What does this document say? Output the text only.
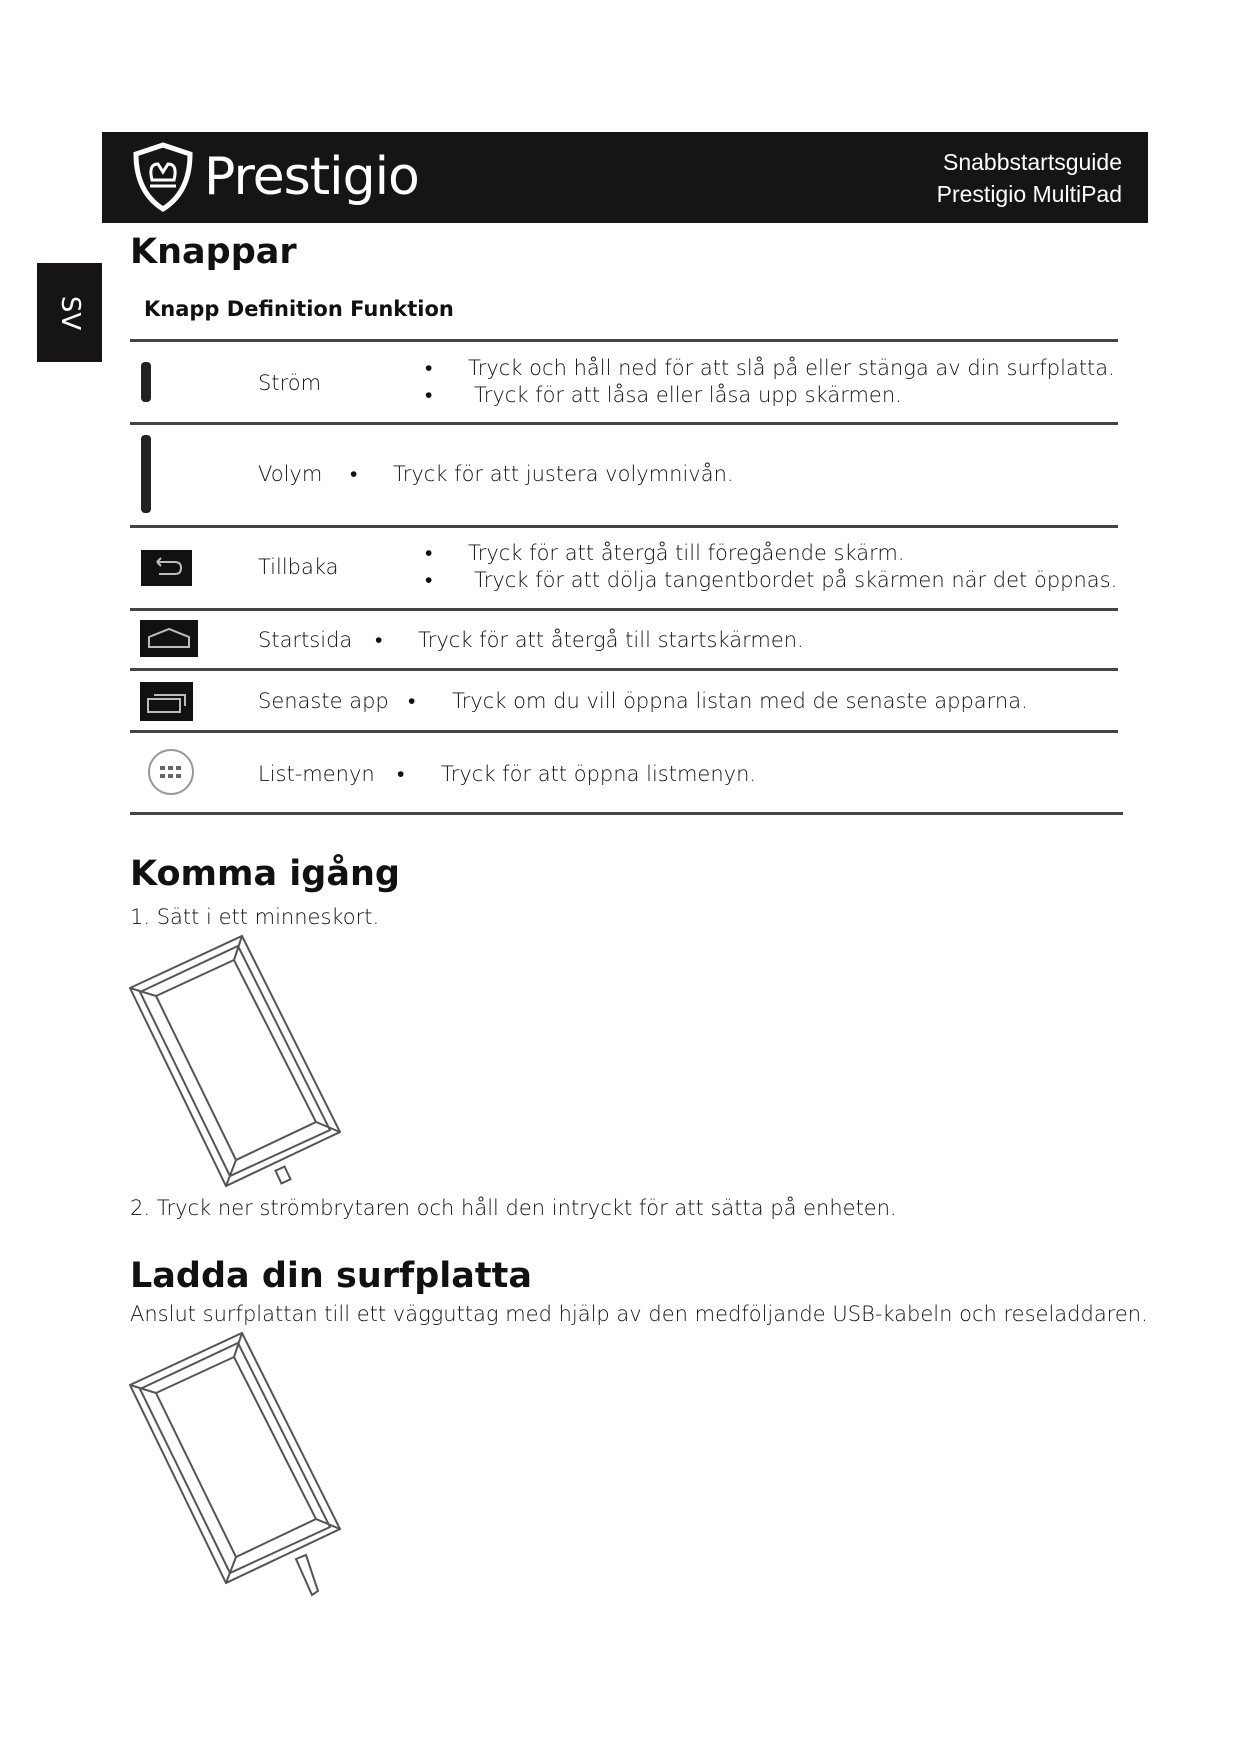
Prestigio	Snabbstartsguide
Prestigio MultiPad
SV
Knappar
Knapp Definition Funktion
Ström
• Tryck och håll ned för att slå på eller stänga av din surfplatta.
• Tryck för att låsa eller låsa upp skärmen.
Volym • Tryck för att justera volymnivån.
Tillbaka
• Tryck för att återgå till föregående skärm.
• Tryck för att dölja tangentbordet på skärmen när det öppnas.
Startsida • Tryck för att återgå till startskärmen.
Senaste app • Tryck om du vill öppna listan med de senaste apparna.
List-menyn • Tryck för att öppna listmenyn.
Komma igång
1. Sätt i ett minneskort.
2. Tryck ner strömbrytaren och håll den intryckt för att sätta på enheten.
Ladda din surfplatta
Anslut surfplattan till ett vägguttag med hjälp av den medföljande USB-kabeln och reseladdaren.
